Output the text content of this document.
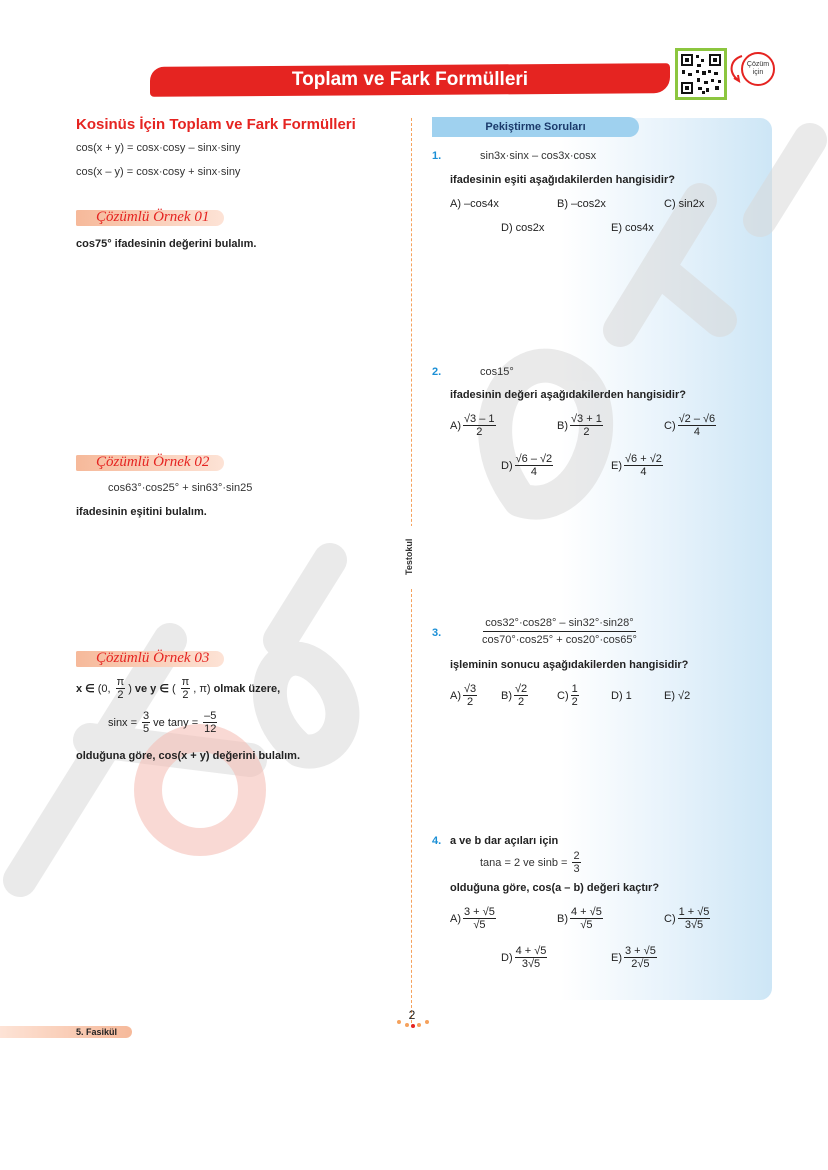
Toplam ve Fark Formülleri
Çözüm
için
Kosinüs İçin Toplam ve Fark Formülleri
cos(x + y) = cosx·cosy – sinx·siny
cos(x – y) = cosx·cosy + sinx·siny
Çözümlü Örnek 01
cos75° ifadesinin değerini bulalım.
Çözümlü Örnek 02
cos63°·cos25° + sin63°·sin25
ifadesinin eşitini bulalım.
Çözümlü Örnek 03
x ∈ (0, $\frac{\pi}{2}$ ) ve y ∈ ( $\frac{\pi}{2}$ , π) olmak üzere,
$\sin x = \frac{3}{5}$ ve $\tan y = \frac{-5}{12}$
olduğuna göre, cos(x + y) değerini bulalım.
Testokul
Pekiştirme Soruları
1.	sin3x·sinx – cos3x·cosx
ifadesinin eşiti aşağıdakilerden hangisidir?
A) –cos4x	B) –cos2x	C) sin2x
D) cos2x	E) cos4x
2.	cos15°
ifadesinin değeri aşağıdakilerden hangisidir?
$A) \frac{√3 - 1}{2}$	$B) \frac{√3 + 1}{2}$	$C) \frac{√2 - √6}{4}$
$D) \frac{√6 - √2}{4}$	$E) \frac{√6 + √2}{4}$
3.	$\frac{\cos 32^\circ\cdot\cos 28^\circ - \sin 32^\circ\cdot\sin 28^\circ}{\cos 70^\circ\cdot\cos 25^\circ + \cos 20^\circ\cdot\cos 65^\circ}$
işleminin sonucu aşağıdakilerden hangisidir?
$A) \frac{√3}{2} B) \frac{√2}{2}$	$C) \frac{1}{2}$	D) 1	E) √2
4. a ve b dar açıları için
tana = 2 ve $\sin b = \frac{2}{3}$
olduğuna göre, cos(a – b) değeri kaçtır?
$A) \frac{3 + √5}{√5}$	$B) \frac{4 + √5}{√5}$	$C) \frac{1 + √5}{3√5}$
$D) \frac{4 + √5}{3√5}$	$E) \frac{3 + √5}{2√5}$
2
5. Fasikül
